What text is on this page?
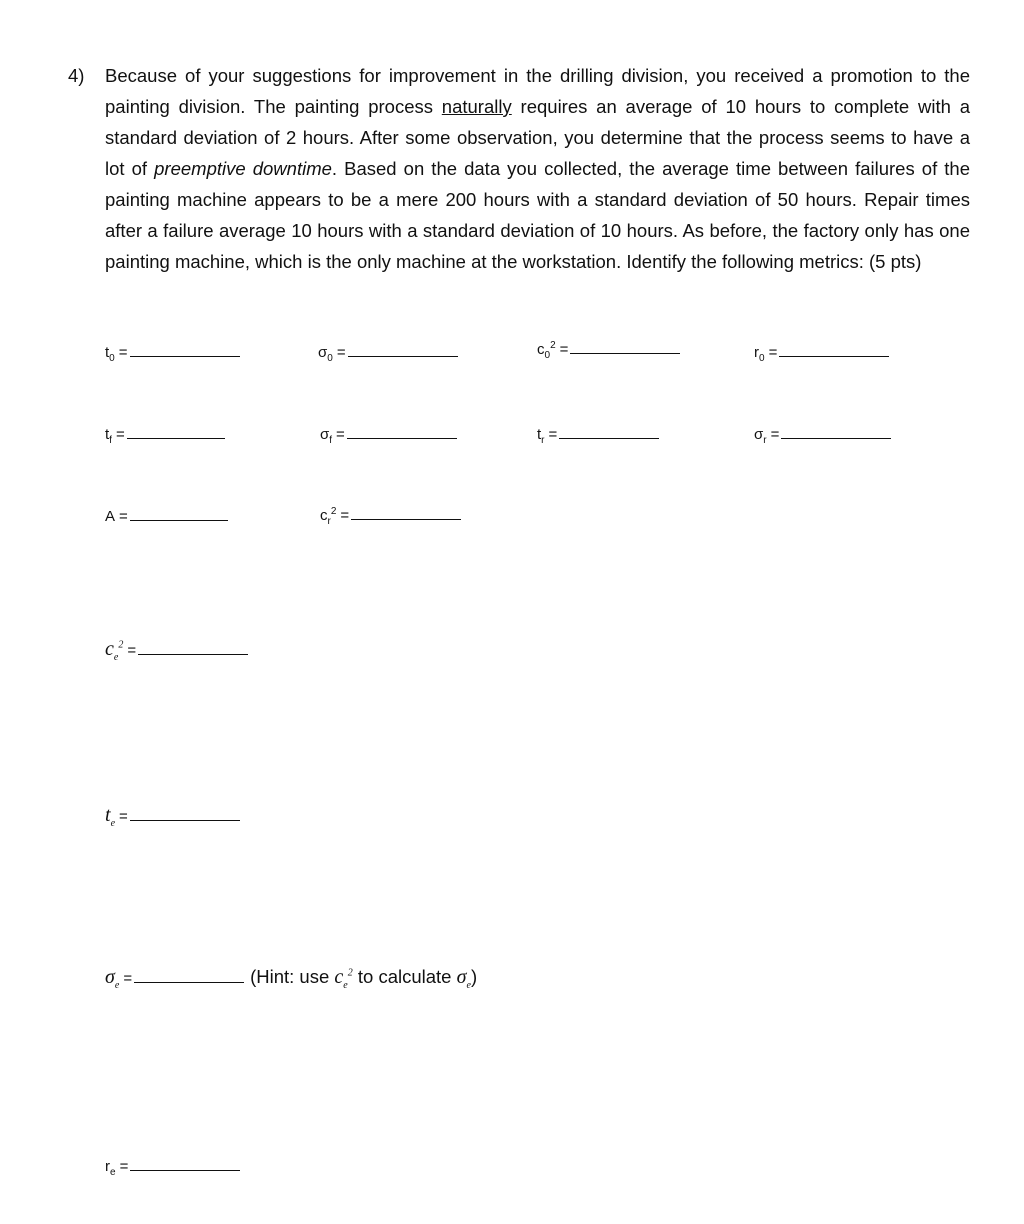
4) Because of your suggestions for improvement in the drilling division, you received a promotion to the painting division. The painting process naturally requires an average of 10 hours to complete with a standard deviation of 2 hours. After some observation, you determine that the process seems to have a lot of preemptive downtime. Based on the data you collected, the average time between failures of the painting machine appears to be a mere 200 hours with a standard deviation of 50 hours. Repair times after a failure average 10 hours with a standard deviation of 10 hours. As before, the factory only has one painting machine, which is the only machine at the workstation. Identify the following metrics: (5 pts)
$t_0$ =	$\sigma_0$ =	$c_0^2$ =	$r_0$ =
$t_f$ =	$\sigma_f$ =	$t_r$ =	$\sigma_r$ =
A =	$c_r^2$ =
$c_e^2$ =
$t_e$ =
$\sigma_e$ =	(Hint: use $c_e^2$ to calculate $\sigma_e$)
$r_e$ =
